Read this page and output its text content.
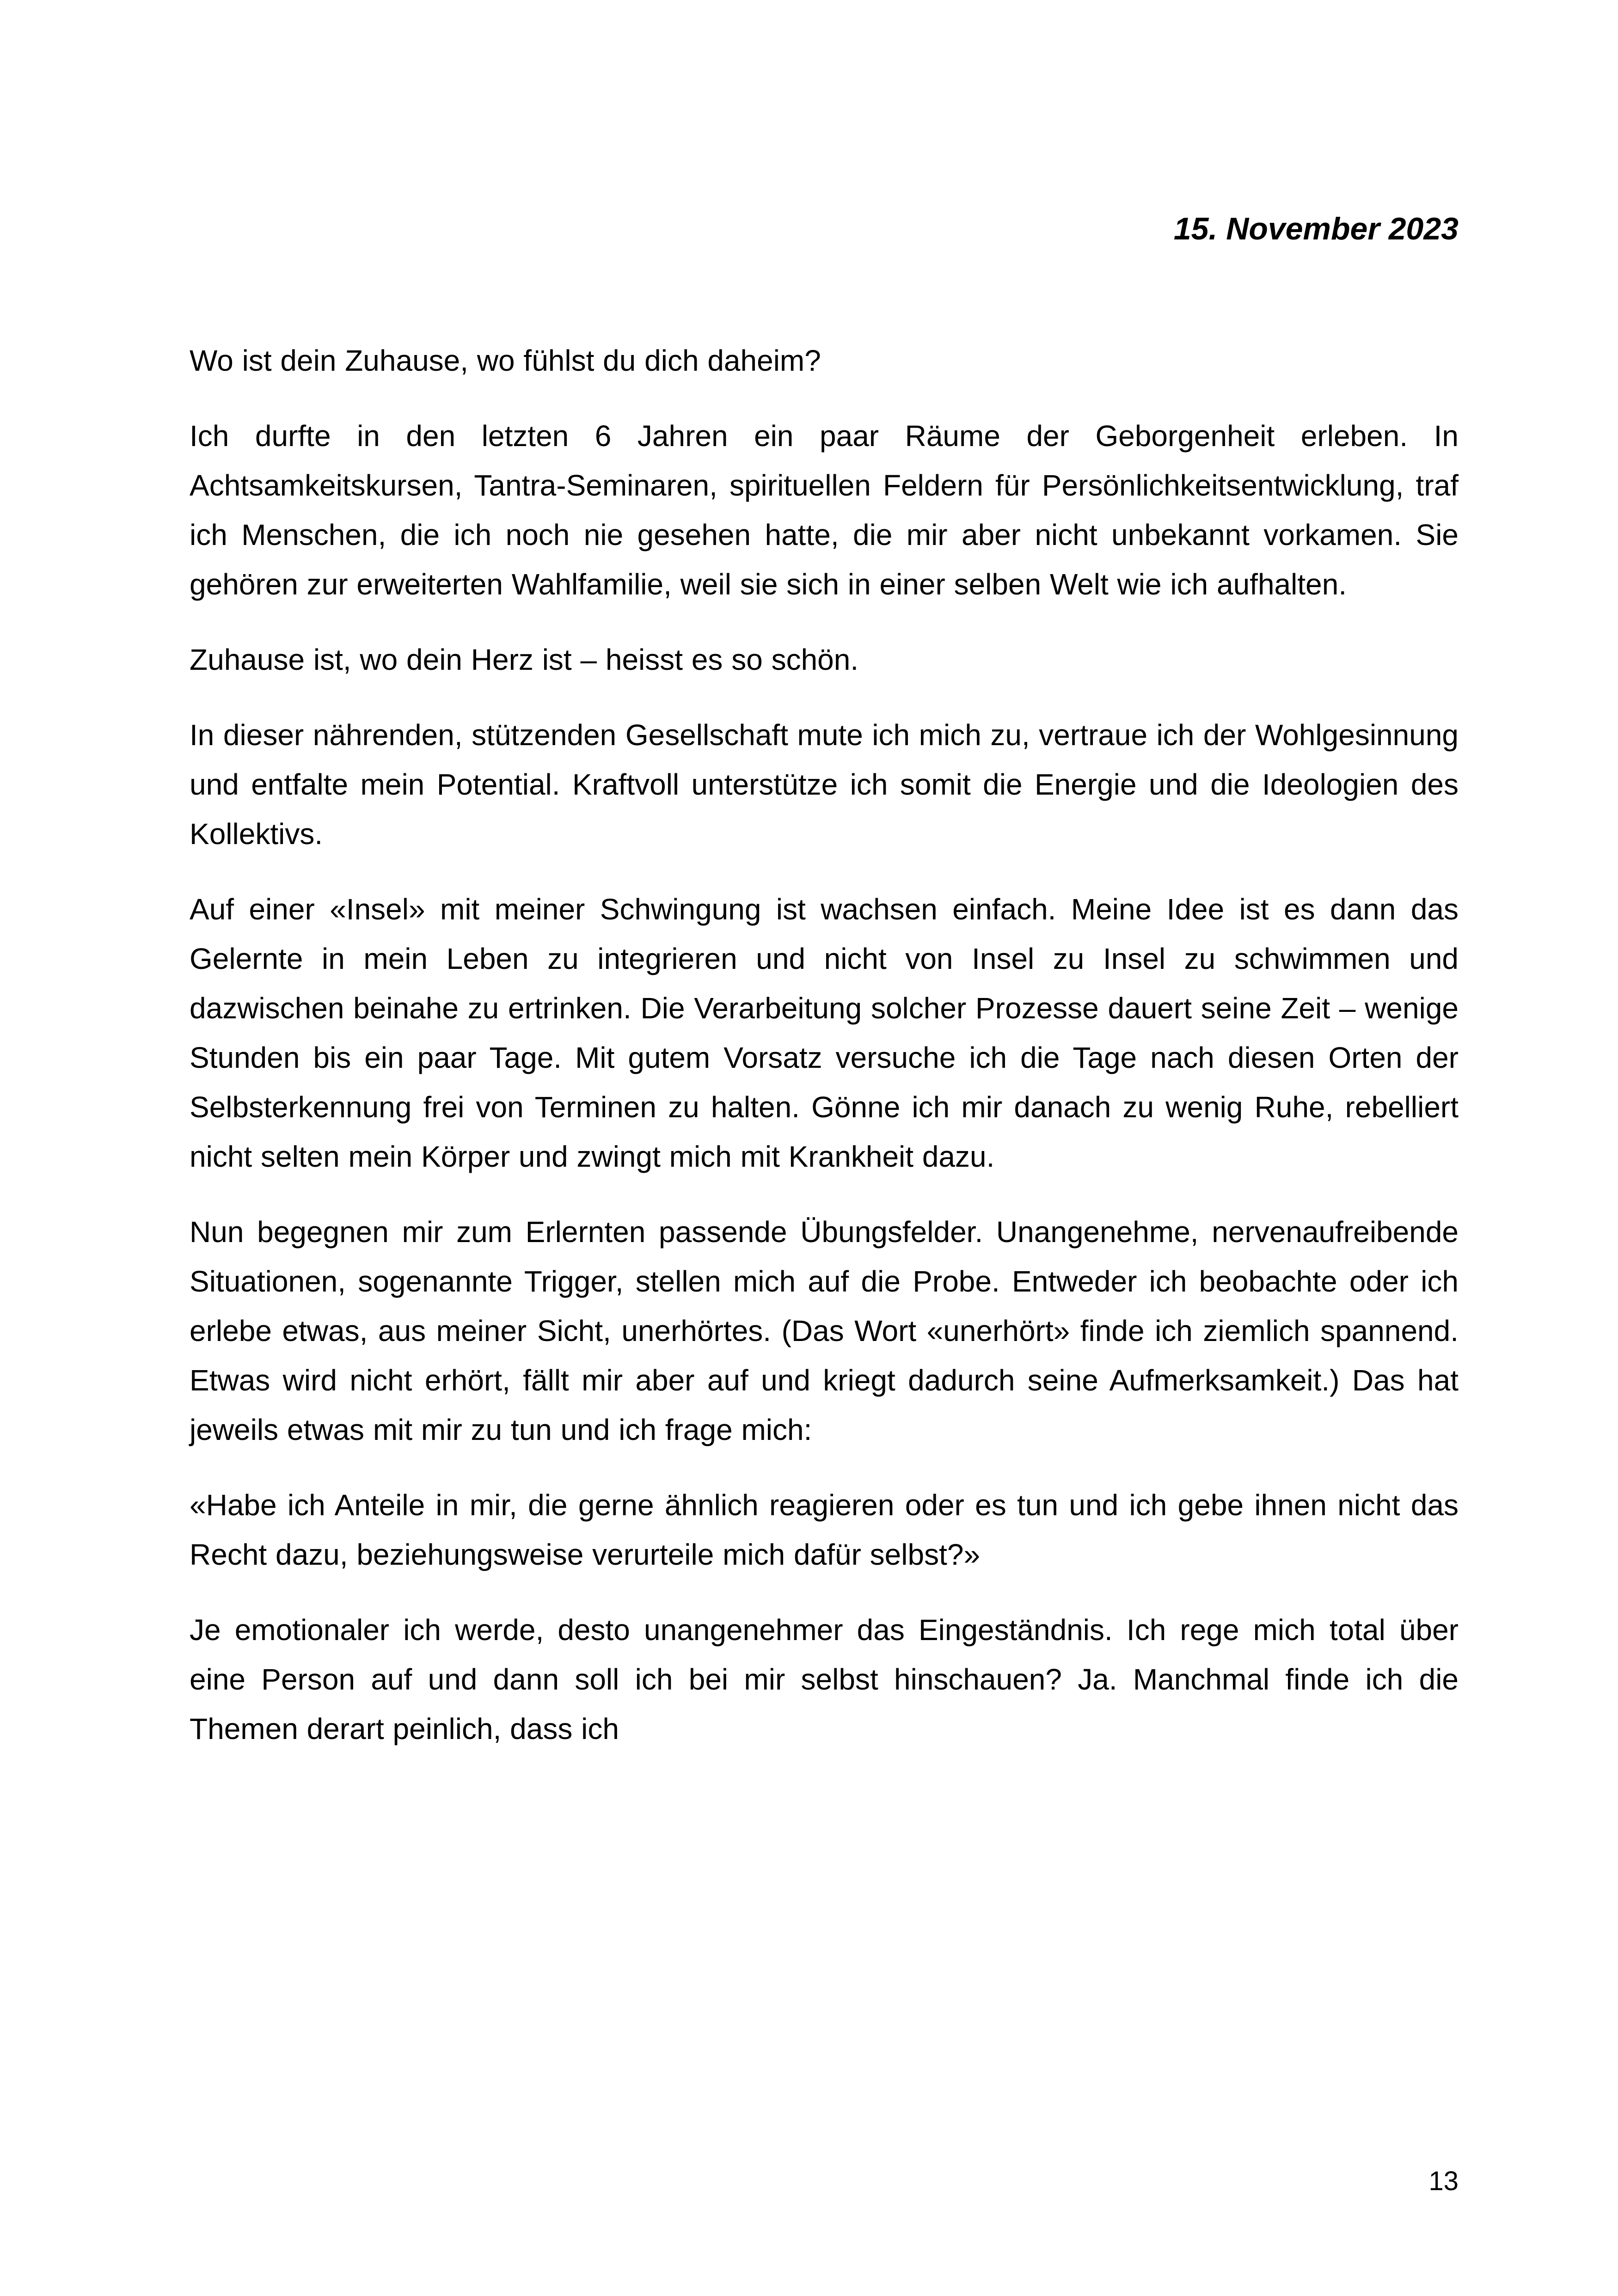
15. November 2023

Wo ist dein Zuhause, wo fühlst du dich daheim?

Ich durfte in den letzten 6 Jahren ein paar Räume der Geborgenheit erleben. In Achtsamkeitskursen, Tantra-Seminaren, spirituellen Feldern für Persönlichkeitsentwicklung, traf ich Menschen, die ich noch nie gesehen hatte, die mir aber nicht unbekannt vorkamen. Sie gehören zur erweiterten Wahlfamilie, weil sie sich in einer selben Welt wie ich aufhalten.

Zuhause ist, wo dein Herz ist – heisst es so schön.

In dieser nährenden, stützenden Gesellschaft mute ich mich zu, vertraue ich der Wohlgesinnung und entfalte mein Potential. Kraftvoll unterstütze ich somit die Energie und die Ideologien des Kollektivs.

Auf einer «Insel» mit meiner Schwingung ist wachsen einfach. Meine Idee ist es dann das Gelernte in mein Leben zu integrieren und nicht von Insel zu Insel zu schwimmen und dazwischen beinahe zu ertrinken. Die Verarbeitung solcher Prozesse dauert seine Zeit – wenige Stunden bis ein paar Tage. Mit gutem Vorsatz versuche ich die Tage nach diesen Orten der Selbsterkennung frei von Terminen zu halten. Gönne ich mir danach zu wenig Ruhe, rebelliert nicht selten mein Körper und zwingt mich mit Krankheit dazu.

Nun begegnen mir zum Erlernten passende Übungsfelder. Unangenehme, nervenaufreibende Situationen, sogenannte Trigger, stellen mich auf die Probe. Entweder ich beobachte oder ich erlebe etwas, aus meiner Sicht, unerhörtes. (Das Wort «unerhört» finde ich ziemlich spannend. Etwas wird nicht erhört, fällt mir aber auf und kriegt dadurch seine Aufmerksamkeit.) Das hat jeweils etwas mit mir zu tun und ich frage mich:

«Habe ich Anteile in mir, die gerne ähnlich reagieren oder es tun und ich gebe ihnen nicht das Recht dazu, beziehungsweise verurteile mich dafür selbst?»

Je emotionaler ich werde, desto unangenehmer das Eingeständnis. Ich rege mich total über eine Person auf und dann soll ich bei mir selbst hinschauen? Ja. Manchmal finde ich die Themen derart peinlich, dass ich

13
